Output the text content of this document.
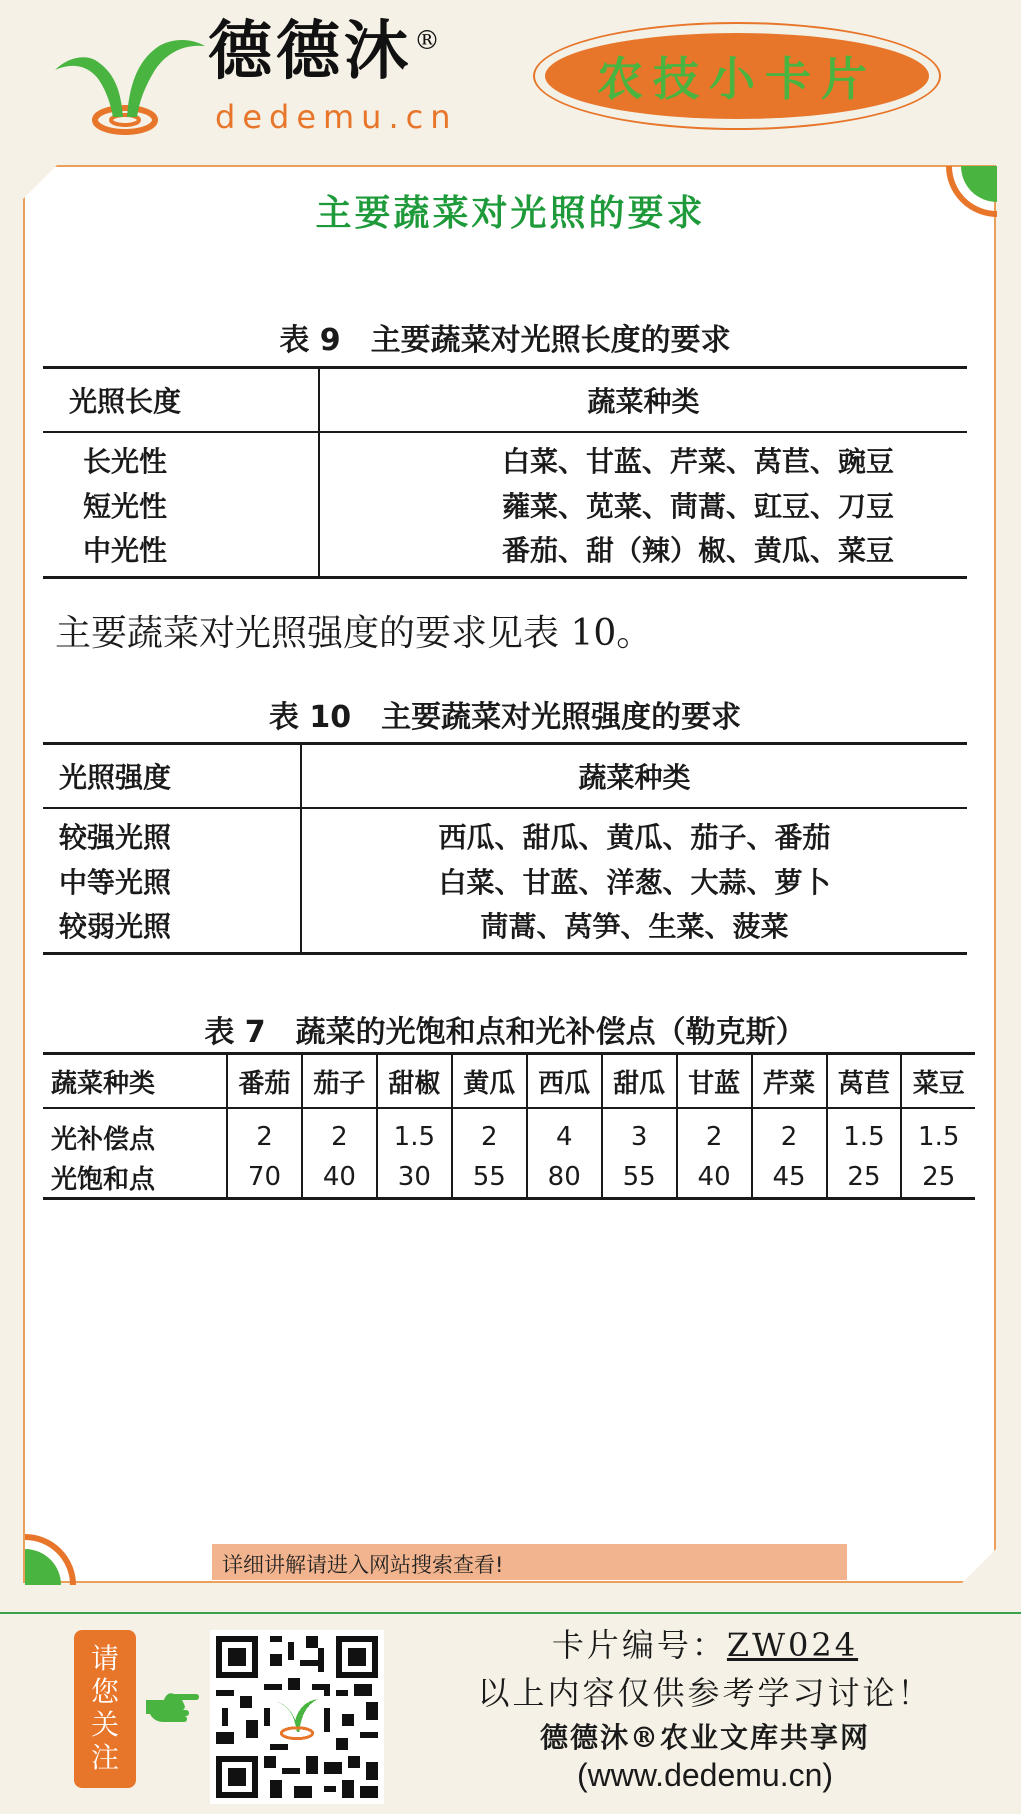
德德沐®
dedemu.cn
农技小卡片
主要蔬菜对光照的要求
表 9　主要蔬菜对光照长度的要求
光照长度	蔬菜种类
长光性	白菜、甘蓝、芹菜、莴苣、豌豆
短光性	蕹菜、苋菜、茼蒿、豇豆、刀豆
中光性	番茄、甜（辣）椒、黄瓜、菜豆
主要蔬菜对光照强度的要求见表 10。
表 10　主要蔬菜对光照强度的要求
光照强度	蔬菜种类
较强光照	西瓜、甜瓜、黄瓜、茄子、番茄
中等光照	白菜、甘蓝、洋葱、大蒜、萝卜
较弱光照	茼蒿、莴笋、生菜、菠菜
表 7　蔬菜的光饱和点和光补偿点（勒克斯）
蔬菜种类	番茄	茄子	甜椒	黄瓜	西瓜	甜瓜	甘蓝	芹菜	莴苣	菜豆
光补偿点	2	2	1.5	2	4	3	2	2	1.5	1.5
光饱和点	70	40	30	55	80	55	40	45	25	25
详细讲解请进入网站搜索查看!
请您关注
卡片编号：ZW024
以上内容仅供参考学习讨论！
德德沐®农业文库共享网
(www.dedemu.cn)
